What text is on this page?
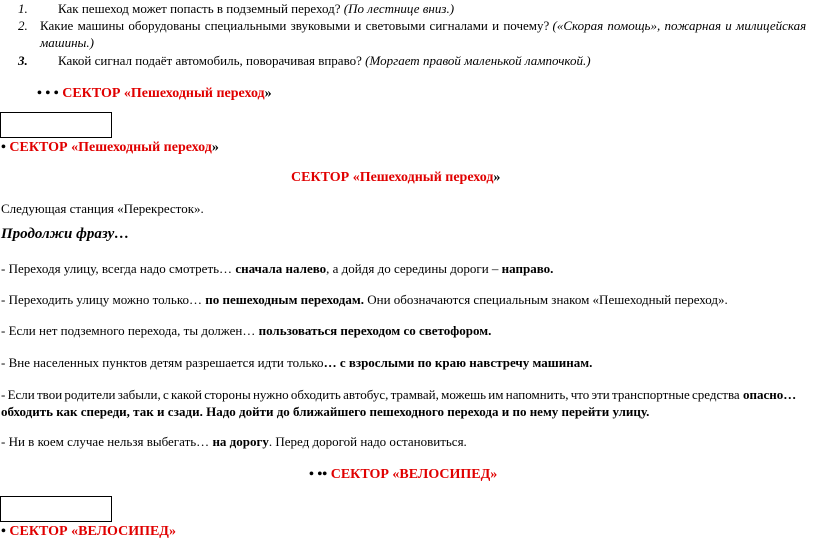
1. Как пешеход может попасть в подземный переход? (По лестнице вниз.)
2. Какие машины оборудованы специальными звуковыми и световыми сигналами и почему? («Скорая помощь», пожарная и милицейская
машины.)
3. Какой сигнал подаёт автомобиль, поворачивая вправо? (Моргает правой маленькой лампочкой.)
• • • СЕКТОР «Пешеходный переход»
• СЕКТОР «Пешеходный переход»
СЕКТОР «Пешеходный переход»
Следующая станция «Перекресток».
Продолжи фразу…
- Переходя улицу, всегда надо смотреть… сначала налево, а дойдя до середины дороги – направо.
- Переходить улицу можно только… по пешеходным переходам. Они обозначаются специальным знаком «Пешеходный переход».
- Если нет подземного перехода, ты должен… пользоваться переходом со светофором.
- Вне населенных пунктов детям разрешается идти только… с взрослыми по краю навстречу машинам.
- Если твои родители забыли, с какой стороны нужно обходить автобус, трамвай, можешь им напомнить, что эти транспортные средства опасно…
обходить как спереди, так и сзади. Надо дойти до ближайшего пешеходного перехода и по нему перейти улицу.
- Ни в коем случае нельзя выбегать… на дорогу. Перед дорогой надо остановиться.
• •• СЕКТОР «ВЕЛОСИПЕД»
• СЕКТОР «ВЕЛОСИПЕД»
